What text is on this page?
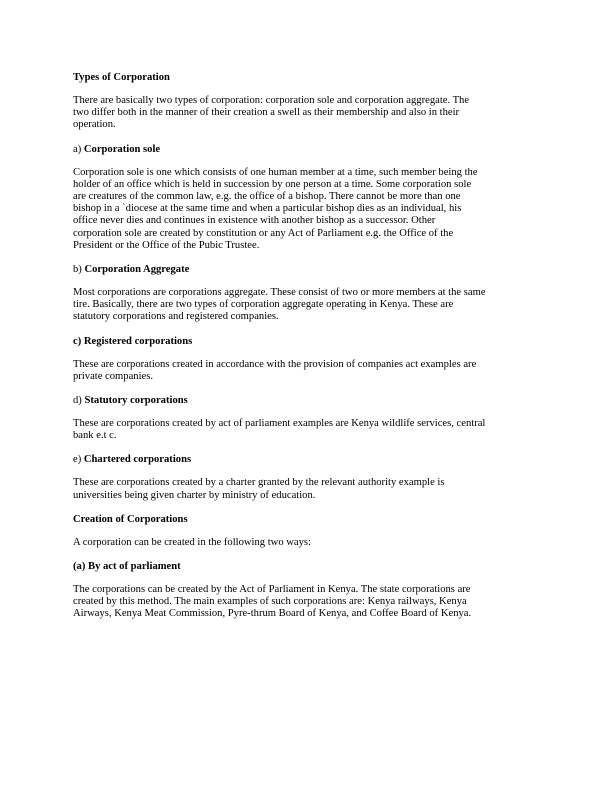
Types of Corporation
There are basically two types of corporation: corporation sole and corporation aggregate. The
two differ both in the manner of their creation a swell as their membership and also in their
operation.
a) Corporation sole
Corporation sole is one which consists of one human member at a time, such member being the
holder of an office which is held in succession by one person at a time. Some corporation sole
are creatures of the common law, e.g. the office of a bishop. There cannot be more than one
bishop in a `diocese at the same time and when a particular bishop dies as an individual, his
office never dies and continues in existence with another bishop as a successor. Other
corporation sole are created by constitution or any Act of Parliament e.g. the Office of the
President or the Office of the Pubic Trustee.
b) Corporation Aggregate
Most corporations are corporations aggregate. These consist of two or more members at the same
tire. Basically, there are two types of corporation aggregate operating in Kenya. These are
statutory corporations and registered companies.
c) Registered corporations
These are corporations created in accordance with the provision of companies act examples are
private companies.
d) Statutory corporations
These are corporations created by act of parliament examples are Kenya wildlife services, central
bank e.t c.
e) Chartered corporations
These are corporations created by a charter granted by the relevant authority example is
universities being given charter by ministry of education.
Creation of Corporations
A corporation can be created in the following two ways:
(a) By act of parliament
The corporations can be created by the Act of Parliament in Kenya. The state corporations are
created by this method. The main examples of such corporations are: Kenya railways, Kenya
Airways, Kenya Meat Commission, Pyre-thrum Board of Kenya, and Coffee Board of Kenya.
